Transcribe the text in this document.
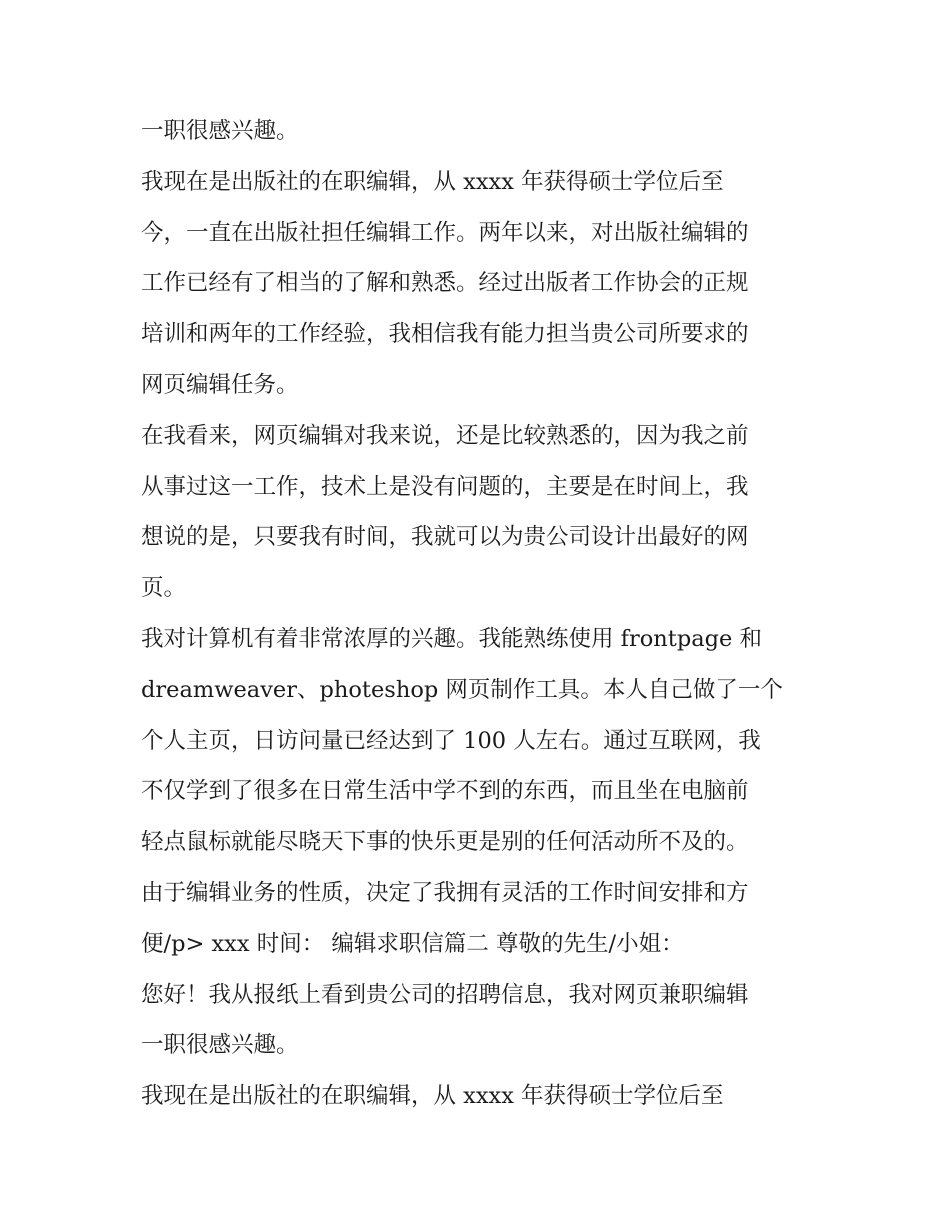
一职很感兴趣。
我现在是出版社的在职编辑，从 xxxx 年获得硕士学位后至
今，一直在出版社担任编辑工作。两年以来，对出版社编辑的
工作已经有了相当的了解和熟悉。经过出版者工作协会的正规
培训和两年的工作经验，我相信我有能力担当贵公司所要求的
网页编辑任务。
在我看来，网页编辑对我来说，还是比较熟悉的，因为我之前
从事过这一工作，技术上是没有问题的，主要是在时间上，我
想说的是，只要我有时间，我就可以为贵公司设计出最好的网
页。
我对计算机有着非常浓厚的兴趣。我能熟练使用 frontpage 和
dreamweaver、photeshop 网页制作工具。本人自己做了一个
个人主页，日访问量已经达到了 100 人左右。通过互联网，我
不仅学到了很多在日常生活中学不到的东西，而且坐在电脑前
轻点鼠标就能尽晓天下事的快乐更是别的任何活动所不及的。
由于编辑业务的性质，决定了我拥有灵活的工作时间安排和方
便/p> xxx 时间： 编辑求职信篇二 尊敬的先生/小姐：
您好！我从报纸上看到贵公司的招聘信息，我对网页兼职编辑
一职很感兴趣。
我现在是出版社的在职编辑，从 xxxx 年获得硕士学位后至
